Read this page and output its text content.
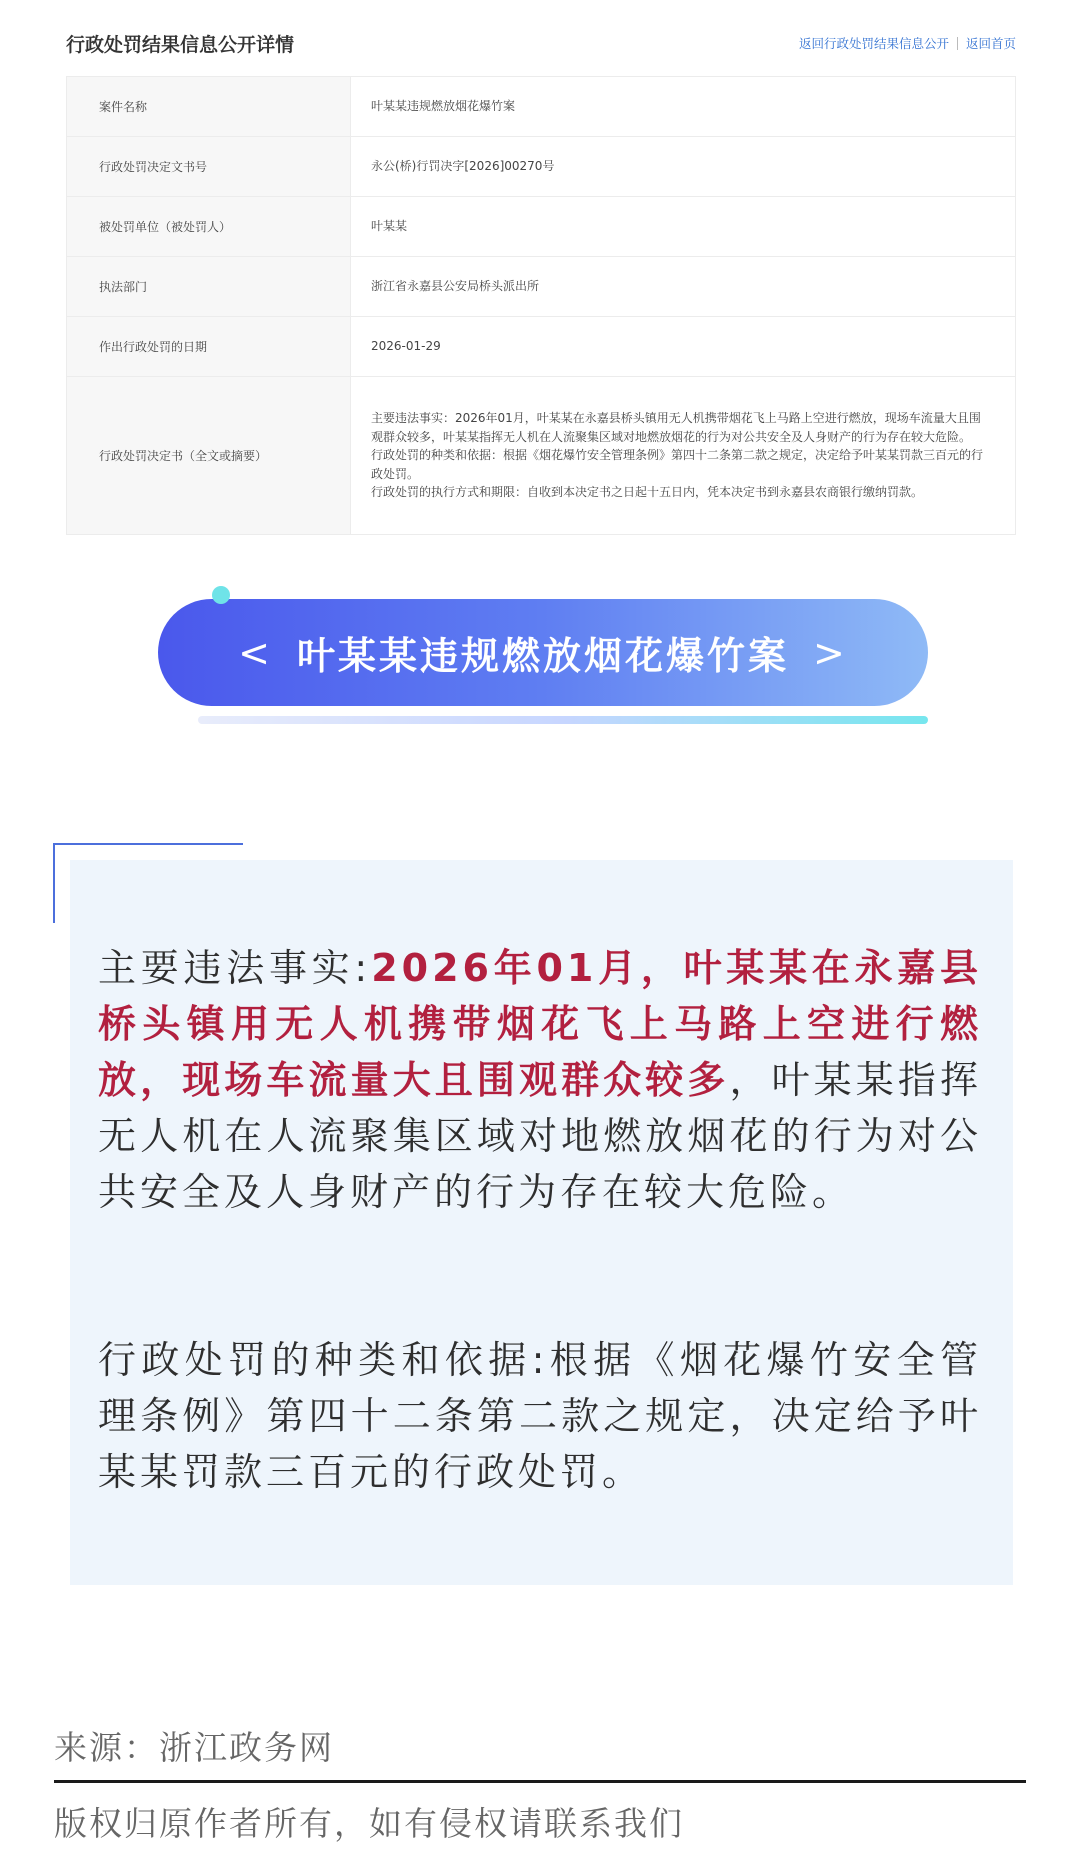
行政处罚结果信息公开详情	返回行政处罚结果信息公开 返回首页
案件名称	叶某某违规燃放烟花爆竹案
行政处罚决定文书号	永公(桥)行罚决字[2026]00270号
被处罚单位（被处罚人）	叶某某
执法部门	浙江省永嘉县公安局桥头派出所
作出行政处罚的日期	2026-01-29
行政处罚决定书（全文或摘要）	主要违法事实：2026年01月，叶某某在永嘉县桥头镇用无人机携带烟花飞上马路上空进行燃放，现场车流量大且围观群众较多，叶某某指挥无人机在人流聚集区域对地燃放烟花的行为对公共安全及人身财产的行为存在较大危险。
行政处罚的种类和依据：根据《烟花爆竹安全管理条例》第四十二条第二款之规定，决定给予叶某某罚款三百元的行政处罚。
行政处罚的执行方式和期限：自收到本决定书之日起十五日内，凭本决定书到永嘉县农商银行缴纳罚款。
< 叶某某违规燃放烟花爆竹案 >
主要违法事实:2026年01月，叶某某在永嘉县桥头镇用无人机携带烟花飞上马路上空进行燃放，现场车流量大且围观群众较多，叶某某指挥无人机在人流聚集区域对地燃放烟花的行为对公共安全及人身财产的行为存在较大危险。
行政处罚的种类和依据:根据《烟花爆竹安全管理条例》第四十二条第二款之规定，决定给予叶某某罚款三百元的行政处罚。
来源：浙江政务网
版权归原作者所有，如有侵权请联系我们
